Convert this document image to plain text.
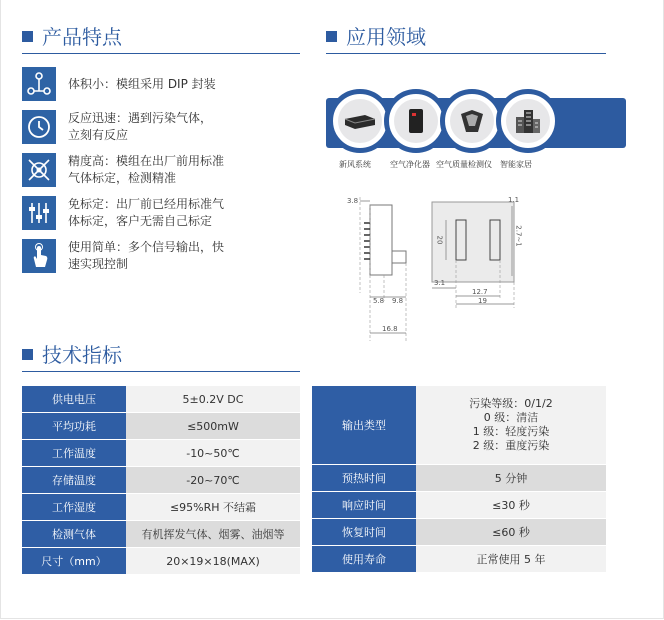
产品特点	应用领域
体积小：模组采用 DIP 封装
反应迅速：遇到污染气体，
立刻有反应
精度高：模组在出厂前用标准
气体标定，检测精准
免标定：出厂前已经用标准气
体标定，客户无需自己标定
使用简单：多个信号输出，快
速实现控制
新风系统 空气净化器 空气质量检测仪 智能家居
3.8
5.8 9.8
16.8
1.1
20	2.7~1
3.1
12.7
19
技术指标
供电电压	5±0.2V DC
平均功耗	≤500mW
工作温度	-10~50℃
存储温度	-20~70℃
工作湿度	≤95%RH 不结霜
检测气体	有机挥发气体、烟雾、油烟等
尺寸（mm）	20×19×18(MAX)
输出类型	污染等级：0/1/2
0 级：清洁
1 级：轻度污染
2 级：重度污染

预热时间	5 分钟
响应时间	≤30 秒
恢复时间	≤60 秒
使用寿命	正常使用 5 年
